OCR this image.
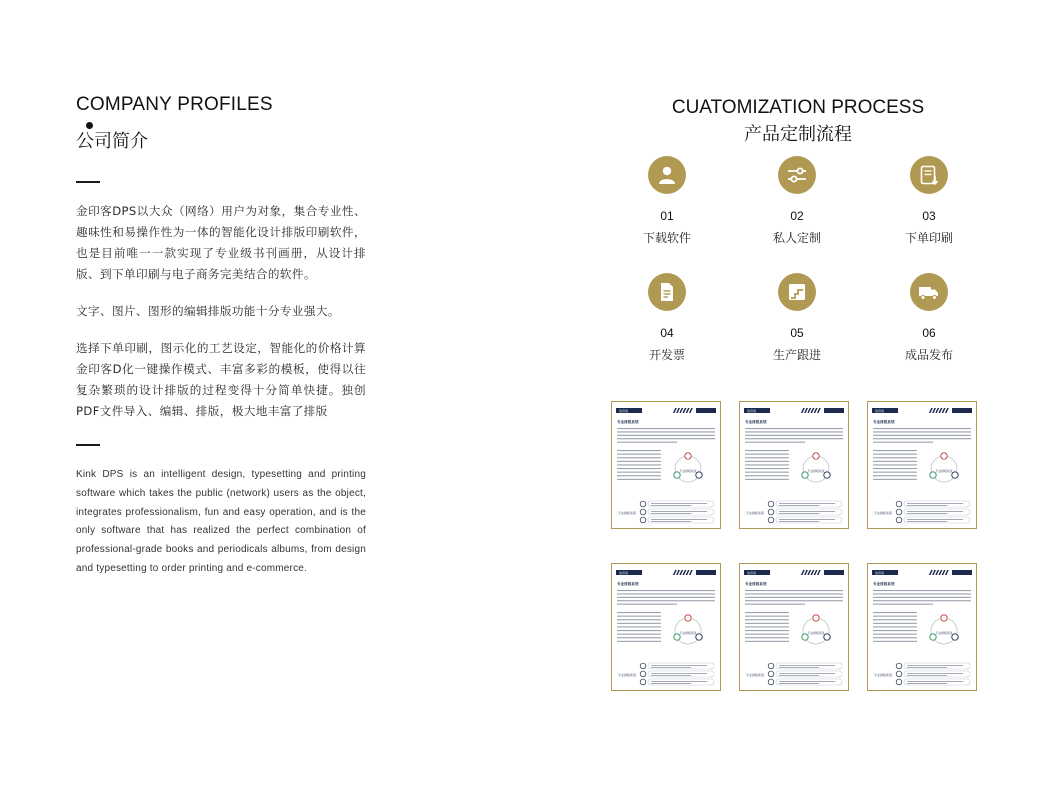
COMPANY PROFILES
公司简介
金印客DPS以大众（网络）用户为对象，集合专业性、趣味性和易操作性为一体的智能化设计排版印刷软件，也是目前唯一一款实现了专业级书刊画册，从设计排版、到下单印刷与电子商务完美结合的软件。
文字、图片、图形的编辑排版功能十分专业强大。
选择下单印刷，图示化的工艺设定，智能化的价格计算金印客D化一键操作模式、丰富多彩的模板，使得以往复杂繁琐的设计排版的过程变得十分简单快捷。独创PDF文件导入、编辑、排版，极大地丰富了排版
Kink DPS is an intelligent design, typesetting and printing software which takes the public (network) users as the object, integrates professionalism, fun and easy operation, and is the only software that has realized the perfect combination of professional-grade books and periodicals albums, from design and typesetting to order printing and e-commerce.
CUATOMIZATION PROCESS
产品定制流程
01
下载软件
02
私人定制
03
下单印刷
04
开发票
05
生产跟进
06
成品发布
金印客
专业排版系统
专业排版系统
专业排版系统
金印客
专业排版系统
专业排版系统
专业排版系统
金印客
专业排版系统
专业排版系统
专业排版系统
金印客
专业排版系统
专业排版系统
专业排版系统
金印客
专业排版系统
专业排版系统
专业排版系统
金印客
专业排版系统
专业排版系统
专业排版系统
